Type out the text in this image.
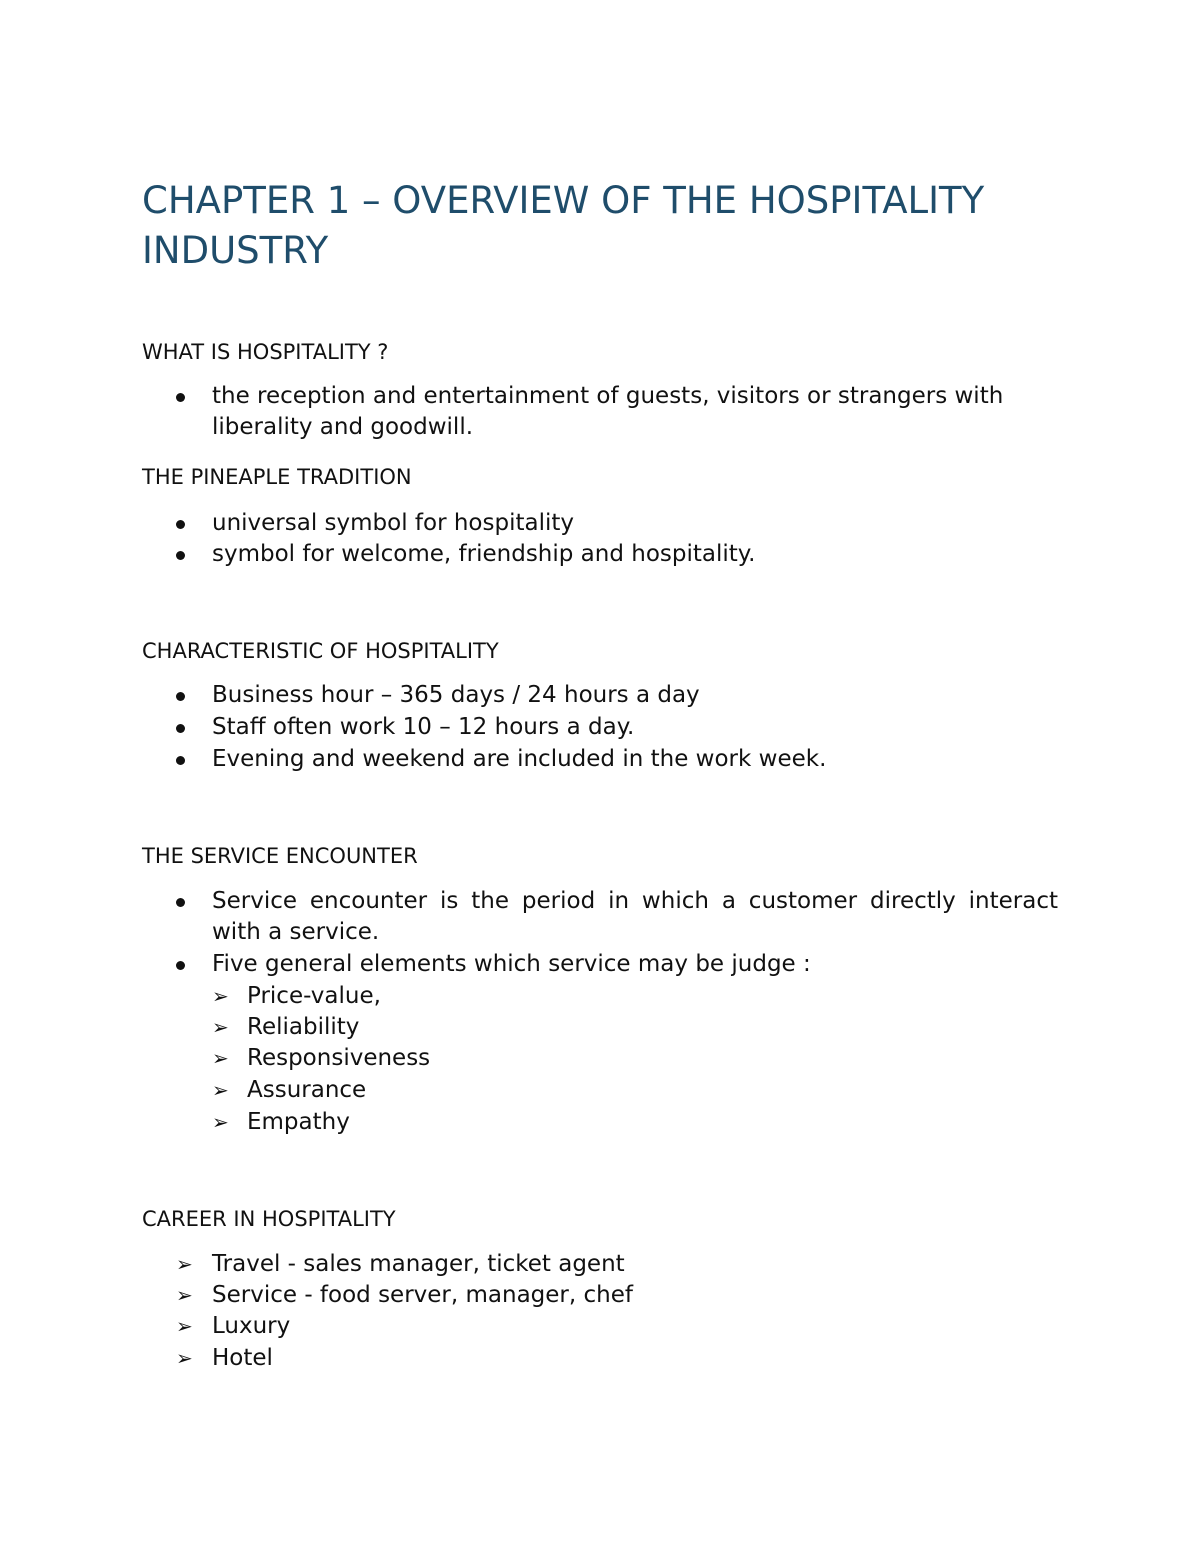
CHAPTER 1 – OVERVIEW OF THE HOSPITALITY INDUSTRY

WHAT IS HOSPITALITY ?

the reception and entertainment of guests, visitors or strangers with liberality and goodwill.

THE PINEAPLE TRADITION

universal symbol for hospitality

symbol for welcome, friendship and hospitality.

CHARACTERISTIC OF HOSPITALITY

Business hour – 365 days / 24 hours a day

Staff often work 10 – 12 hours a day.

Evening and weekend are included in the work week.

THE SERVICE ENCOUNTER

Service encounter is the period in which a customer directly interact with a service.

Five general elements which service may be judge :

➢ Price-value,

➢ Reliability

➢ Responsiveness

➢ Assurance

➢ Empathy

CAREER IN HOSPITALITY

➢ Travel - sales manager, ticket agent

➢ Service - food server, manager, chef

➢ Luxury

➢ Hotel
